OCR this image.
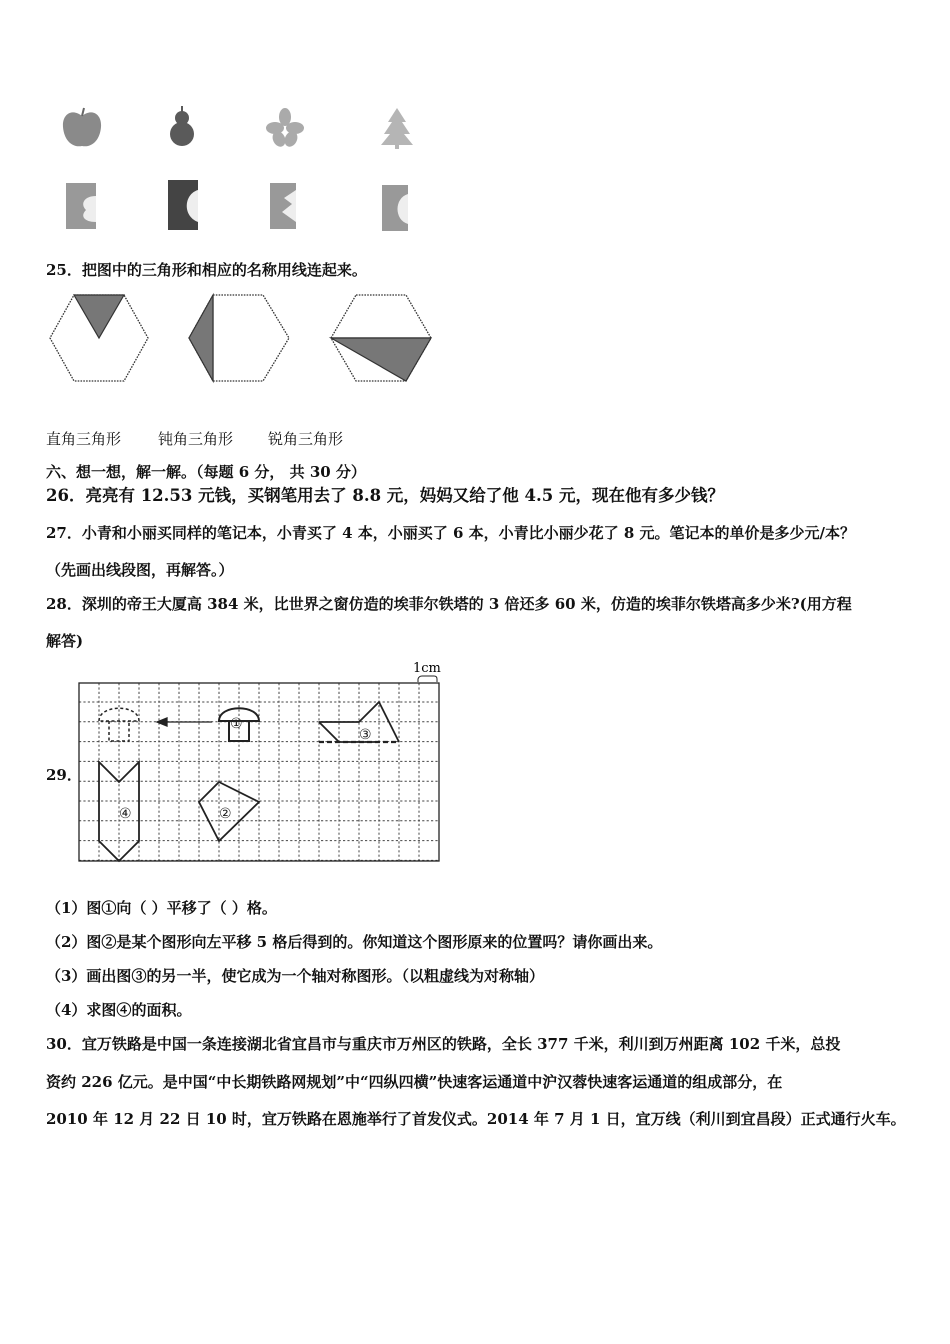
25．把图中的三角形和相应的名称用线连起来。
直角三角形 钝角三角形 锐角三角形
六、想一想，解一解。（每题 6 分， 共 30 分）
26．亮亮有 12.53 元钱，买钢笔用去了 8.8 元，妈妈又给了他 4.5 元，现在他有多少钱？
27．小青和小丽买同样的笔记本，小青买了 4 本，小丽买了 6 本，小青比小丽少花了 8 元。笔记本的单价是多少元/本？
（先画出线段图，再解答。）
28．深圳的帝王大厦高 384 米，比世界之窗仿造的埃菲尔铁塔的 3 倍还多 60 米，仿造的埃菲尔铁塔高多少米?(用方程
解答)
29．
1cm
①
③
④	②
（1）图①向（ ）平移了（ ）格。
（2）图②是某个图形向左平移 5 格后得到的。你知道这个图形原来的位置吗？请你画出来。
（3）画出图③的另一半，使它成为一个轴对称图形。（以粗虚线为对称轴）
（4）求图④的面积。
30．宜万铁路是中国一条连接湖北省宜昌市与重庆市万州区的铁路，全长 377 千米，利川到万州距离 102 千米，总投
资约 226 亿元。是中国“中长期铁路网规划”中“四纵四横”快速客运通道中沪汉蓉快速客运通道的组成部分，在
2010 年 12 月 22 日 10 时，宜万铁路在恩施举行了首发仪式。2014 年 7 月 1 日，宜万线（利川到宜昌段）正式通行火车。
